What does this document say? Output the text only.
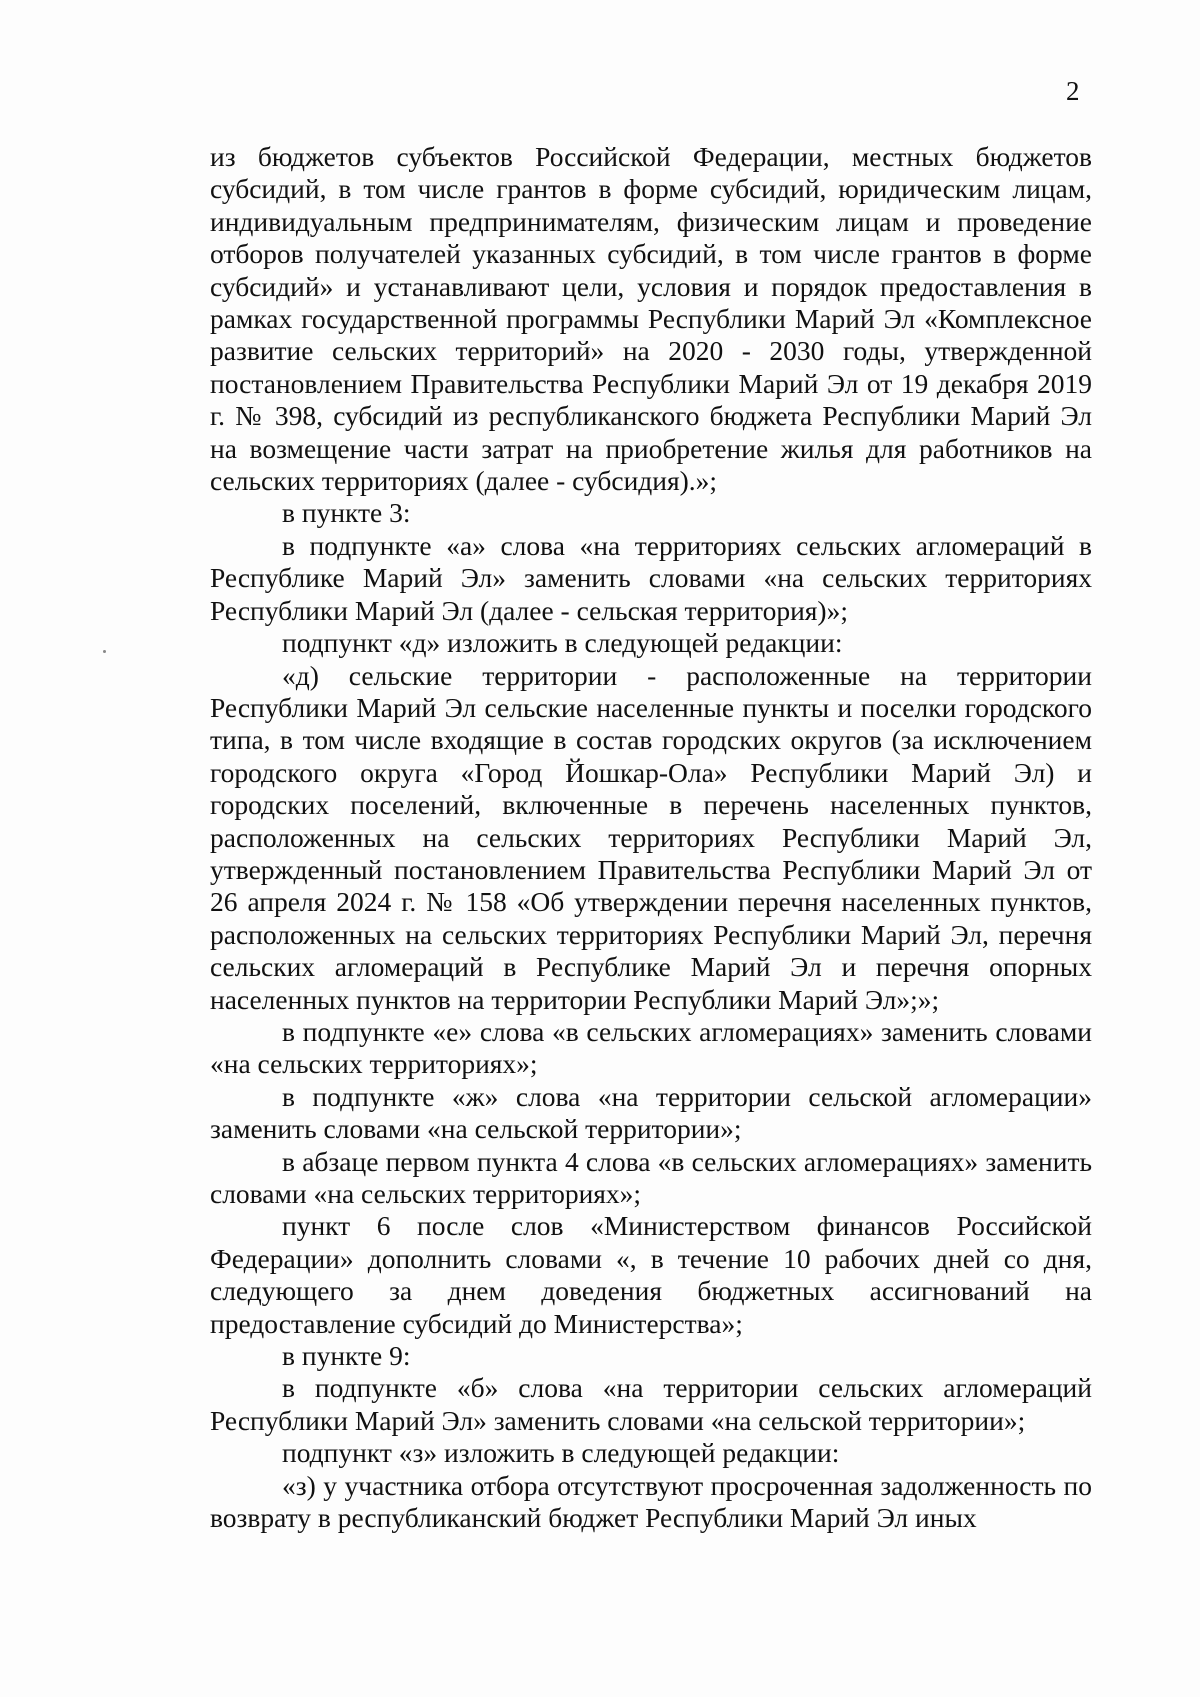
2

из бюджетов субъектов Российской Федерации, местных бюджетов субсидий, в том числе грантов в форме субсидий, юридическим лицам, индивидуальным предпринимателям, физическим лицам и проведение отборов получателей указанных субсидий, в том числе грантов в форме субсидий» и устанавливают цели, условия и порядок предоставления в рамках государственной программы Республики Марий Эл «Комплексное развитие сельских территорий» на 2020 - 2030 годы, утвержденной постановлением Правительства Республики Марий Эл от 19 декабря 2019 г. № 398, субсидий из республиканского бюджета Республики Марий Эл на возмещение части затрат на приобретение жилья для работников на сельских территориях (далее - субсидия).»;

в пункте 3:

в подпункте «а» слова «на территориях сельских агломераций в Республике Марий Эл» заменить словами «на сельских территориях Республики Марий Эл (далее - сельская территория)»;

подпункт «д» изложить в следующей редакции:

«д) сельские территории - расположенные на территории Республики Марий Эл сельские населенные пункты и поселки городского типа, в том числе входящие в состав городских округов (за исключением городского округа «Город Йошкар-Ола» Республики Марий Эл) и городских поселений, включенные в перечень населенных пунктов, расположенных на сельских территориях Республики Марий Эл, утвержденный постановлением Правительства Республики Марий Эл от 26 апреля 2024 г. № 158 «Об утверждении перечня населенных пунктов, расположенных на сельских территориях Республики Марий Эл, перечня сельских агломераций в Республике Марий Эл и перечня опорных населенных пунктов на территории Республики Марий Эл»;»;

в подпункте «е» слова «в сельских агломерациях» заменить словами «на сельских территориях»;

в подпункте «ж» слова «на территории сельской агломерации» заменить словами «на сельской территории»;

в абзаце первом пункта 4 слова «в сельских агломерациях» заменить словами «на сельских территориях»;

пункт 6 после слов «Министерством финансов Российской Федерации» дополнить словами «, в течение 10 рабочих дней со дня, следующего за днем доведения бюджетных ассигнований на предоставление субсидий до Министерства»;

в пункте 9:

в подпункте «б» слова «на территории сельских агломераций Республики Марий Эл» заменить словами «на сельской территории»;

подпункт «з» изложить в следующей редакции:

«з) у участника отбора отсутствуют просроченная задолженность по возврату в республиканский бюджет Республики Марий Эл иных
